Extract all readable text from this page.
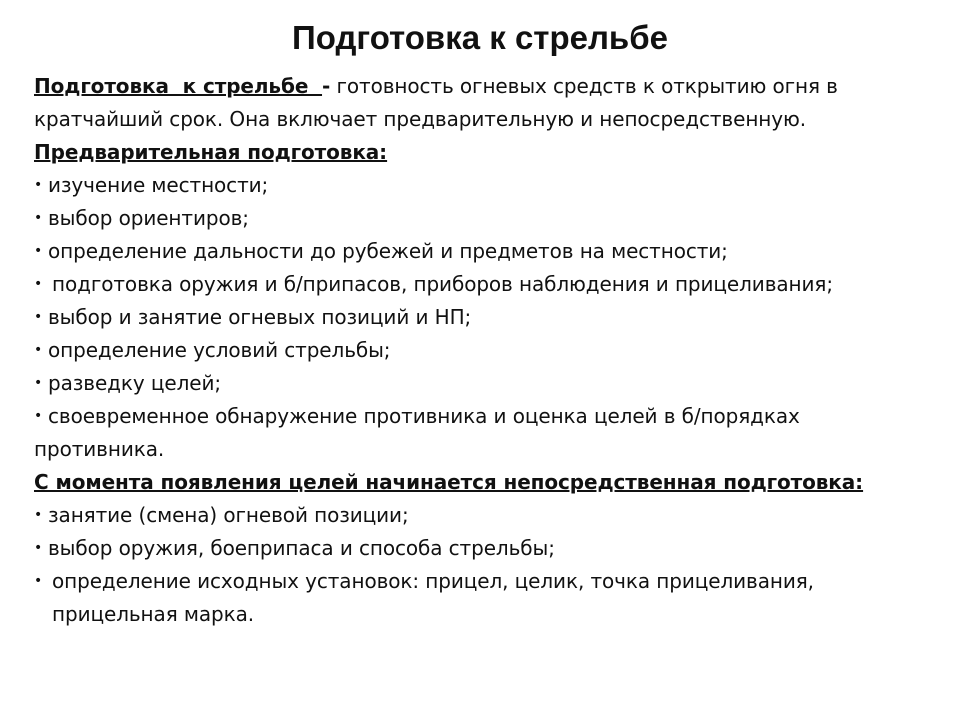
Подготовка к стрельбе

Подготовка  к стрельбе  - готовность огневых средств к открытию огня в кратчайший срок. Она включает предварительную и непосредственную.

Предварительная подготовка:

• изучение местности;
• выбор ориентиров;
• определение дальности до рубежей и предметов на местности;
• подготовка оружия и б/припасов, приборов наблюдения и прицеливания;
• выбор и занятие огневых позиций и НП;
• определение условий стрельбы;
• разведку целей;
• своевременное обнаружение противника и оценка целей в б/порядках
противника.

С момента появления целей начинается непосредственная подготовка:

• занятие (смена) огневой позиции;
• выбор оружия, боеприпаса и способа стрельбы;
• определение исходных установок: прицел, целик, точка прицеливания, прицельная марка.
